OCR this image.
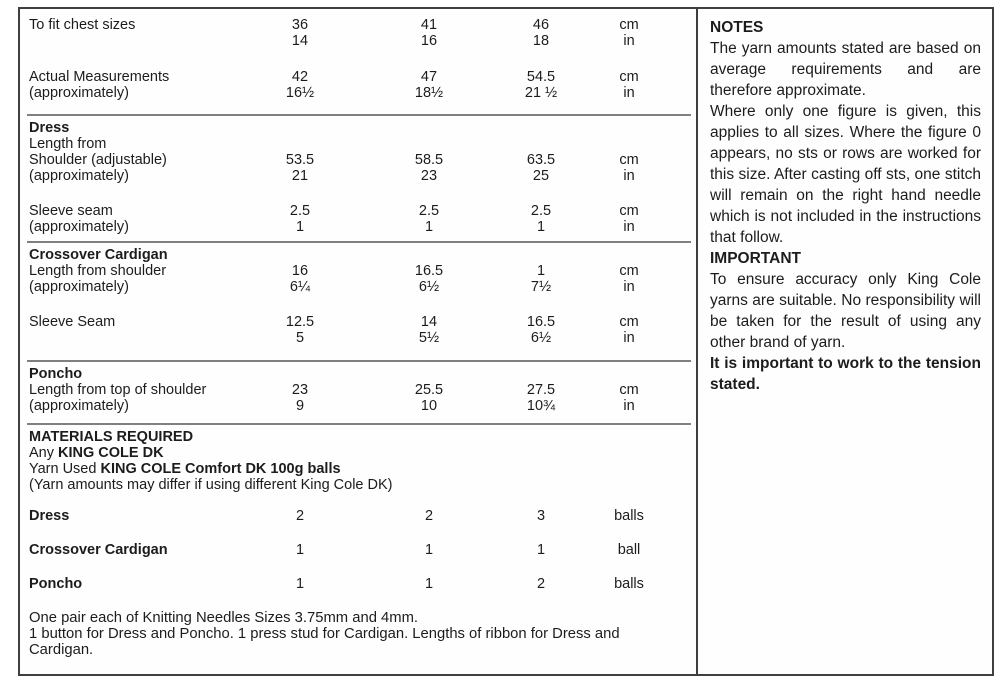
To fit chest sizes	36	41	46	cm
14	16	18	in
Actual Measurements	42	47	54.5	cm
(approximately)	16½	18½	21 ½	in
Dress
Length from
Shoulder (adjustable)	53.5	58.5	63.5	cm
(approximately)	21	23	25	in
Sleeve seam	2.5	2.5	2.5	cm
(approximately)	1	1	1	in
Crossover Cardigan
Length from shoulder	16	16.5	1	cm
(approximately)	6¼	6½	7½	in
Sleeve Seam	12.5	14	16.5	cm
5	5½	6½	in
Poncho
Length from top of shoulder	23	25.5	27.5	cm
(approximately)	9	10	10¾	in
MATERIALS REQUIRED
Any KING COLE DK
Yarn Used KING COLE Comfort DK 100g balls
(Yarn amounts may differ if using different King Cole DK)
Dress	2	2	3	balls
Crossover Cardigan	1	1	1	ball
Poncho	1	1	2	balls
One pair each of Knitting Needles Sizes 3.75mm and 4mm.
1 button for Dress and Poncho. 1 press stud for Cardigan. Lengths of ribbon for Dress and Cardigan.

NOTES

The yarn amounts stated are based on average requirements and are therefore approximate.

Where only one figure is given, this applies to all sizes. Where the figure 0 appears, no sts or rows are worked for this size. After casting off sts, one stitch will remain on the right hand needle which is not included in the instructions that follow.

IMPORTANT

To ensure accuracy only King Cole yarns are suitable. No responsibility will be taken for the result of using any other brand of yarn.

It is important to work to the tension stated.
